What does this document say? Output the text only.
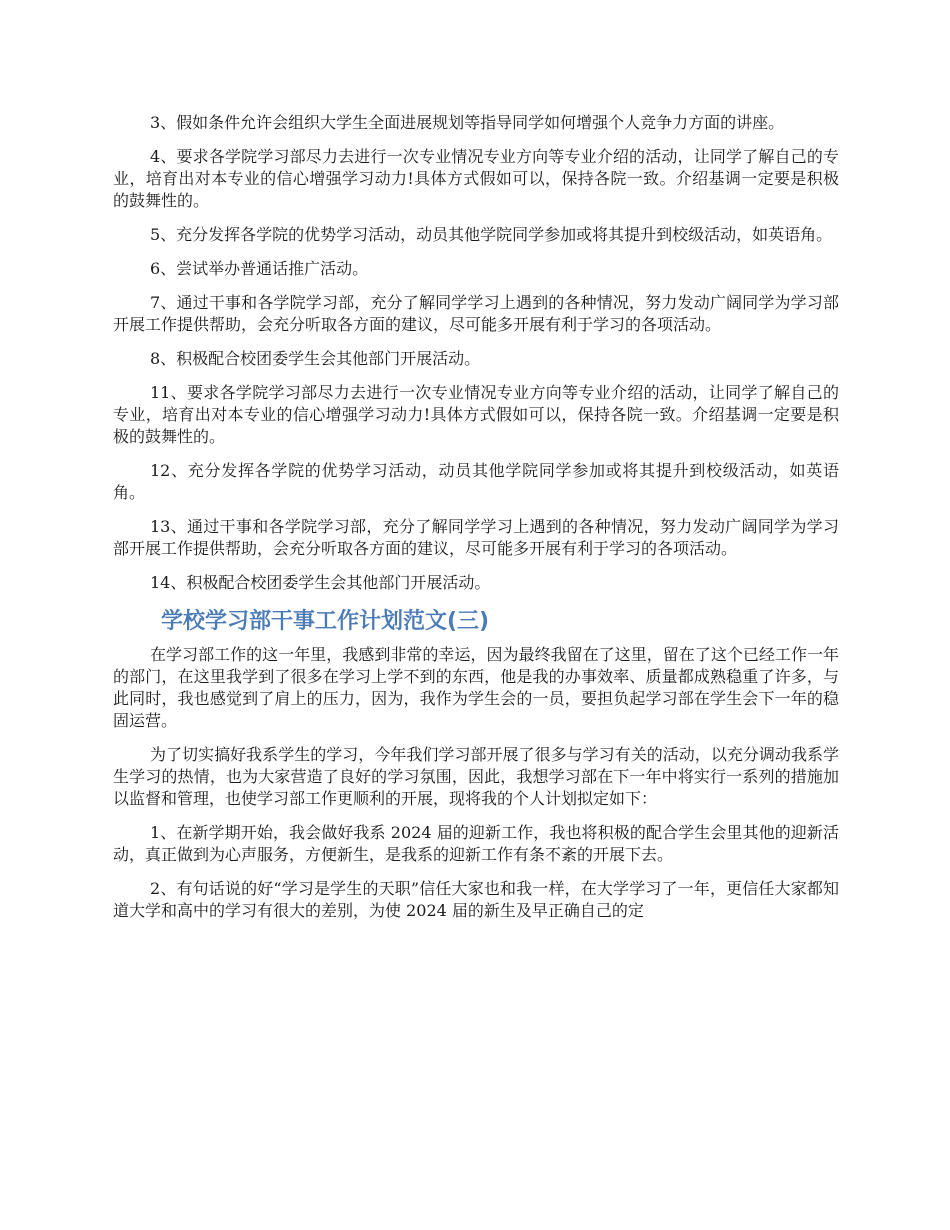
3、假如条件允许会组织大学生全面进展规划等指导同学如何增强个人竞争力方面的讲座。

4、要求各学院学习部尽力去进行一次专业情况专业方向等专业介绍的活动，让同学了解自己的专业，培育出对本专业的信心增强学习动力!具体方式假如可以，保持各院一致。介绍基调一定要是积极的鼓舞性的。

5、充分发挥各学院的优势学习活动，动员其他学院同学参加或将其提升到校级活动，如英语角。

6、尝试举办普通话推广活动。

7、通过干事和各学院学习部，充分了解同学学习上遇到的各种情况，努力发动广阔同学为学习部开展工作提供帮助，会充分听取各方面的建议，尽可能多开展有利于学习的各项活动。

8、积极配合校团委学生会其他部门开展活动。

11、要求各学院学习部尽力去进行一次专业情况专业方向等专业介绍的活动，让同学了解自己的专业，培育出对本专业的信心增强学习动力!具体方式假如可以，保持各院一致。介绍基调一定要是积极的鼓舞性的。

12、充分发挥各学院的优势学习活动，动员其他学院同学参加或将其提升到校级活动，如英语角。

13、通过干事和各学院学习部，充分了解同学学习上遇到的各种情况，努力发动广阔同学为学习部开展工作提供帮助，会充分听取各方面的建议，尽可能多开展有利于学习的各项活动。

14、积极配合校团委学生会其他部门开展活动。

学校学习部干事工作计划范文(三)

在学习部工作的这一年里，我感到非常的幸运，因为最终我留在了这里，留在了这个已经工作一年的部门，在这里我学到了很多在学习上学不到的东西，他是我的办事效率、质量都成熟稳重了许多，与此同时，我也感觉到了肩上的压力，因为，我作为学生会的一员，要担负起学习部在学生会下一年的稳固运营。

为了切实搞好我系学生的学习，今年我们学习部开展了很多与学习有关的活动，以充分调动我系学生学习的热情，也为大家营造了良好的学习氛围，因此，我想学习部在下一年中将实行一系列的措施加以监督和管理，也使学习部工作更顺利的开展，现将我的个人计划拟定如下：

1、在新学期开始，我会做好我系 2024 届的迎新工作，我也将积极的配合学生会里其他的迎新活动，真正做到为心声服务，方便新生，是我系的迎新工作有条不紊的开展下去。

2、有句话说的好“学习是学生的天职”信任大家也和我一样，在大学学习了一年，更信任大家都知道大学和高中的学习有很大的差别，为使 2024 届的新生及早正确自己的定
